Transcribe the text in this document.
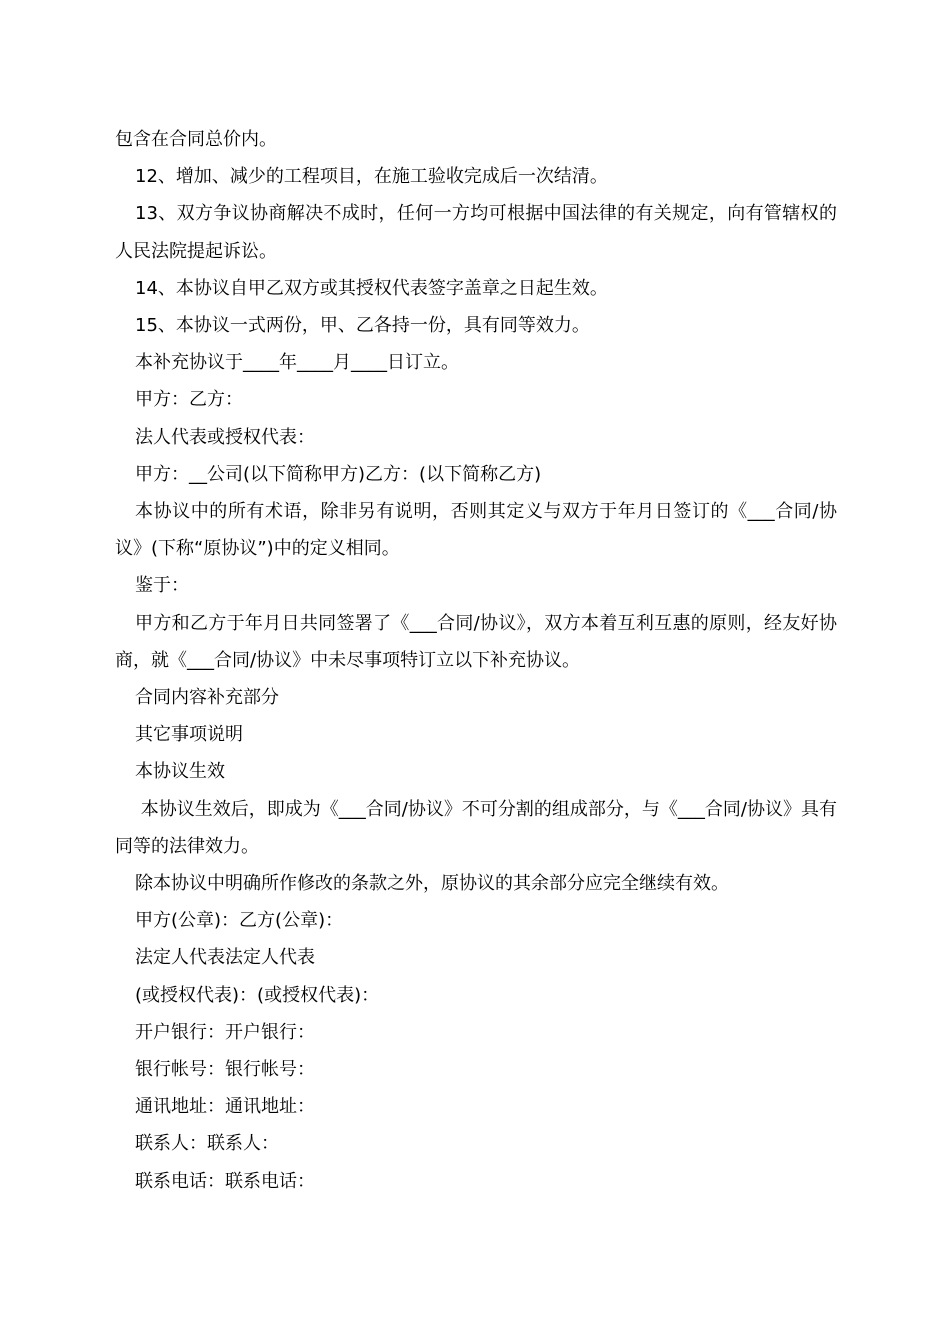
包含在合同总价内。

12、增加、减少的工程项目，在施工验收完成后一次结清。

13、双方争议协商解决不成时，任何一方均可根据中国法律的有关规定，向有管辖权的人民法院提起诉讼。

14、本协议自甲乙双方或其授权代表签字盖章之日起生效。

15、本协议一式两份，甲、乙各持一份，具有同等效力。

本补充协议于____年____月____日订立。

甲方：乙方：

法人代表或授权代表：

甲方：__公司(以下简称甲方)乙方：(以下简称乙方)

本协议中的所有术语，除非另有说明，否则其定义与双方于年月日签订的《___合同/协议》(下称“原协议”)中的定义相同。

鉴于：

甲方和乙方于年月日共同签署了《___合同/协议》，双方本着互利互惠的原则，经友好协商，就《___合同/协议》中未尽事项特订立以下补充协议。

合同内容补充部分

其它事项说明

本协议生效

本协议生效后，即成为《___合同/协议》不可分割的组成部分，与《___合同/协议》具有同等的法律效力。

除本协议中明确所作修改的条款之外，原协议的其余部分应完全继续有效。

甲方(公章)：乙方(公章)：

法定人代表法定人代表

(或授权代表)：(或授权代表)：

开户银行：开户银行：

银行帐号：银行帐号：

通讯地址：通讯地址：

联系人：联系人：

联系电话：联系电话：
